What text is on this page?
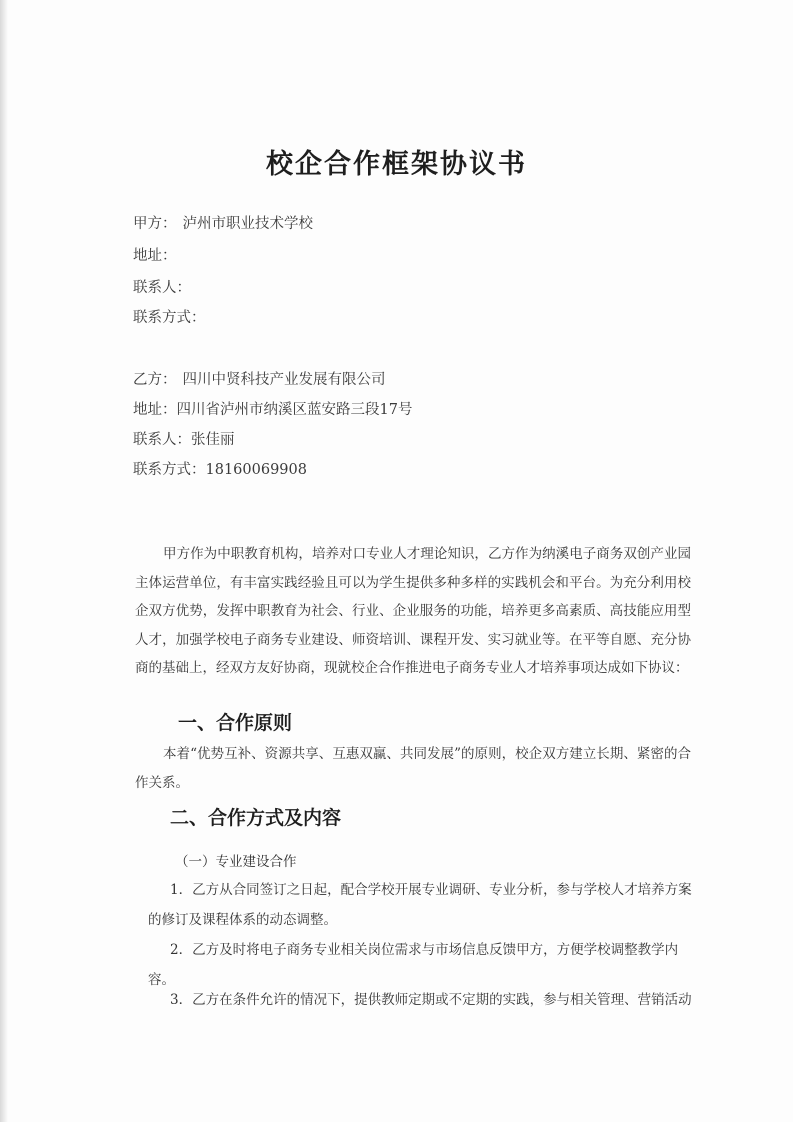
校企合作框架协议书
甲方： 泸州市职业技术学校
地址：
联系人：
联系方式：
乙方： 四川中贤科技产业发展有限公司
地址：四川省泸州市纳溪区蓝安路三段17号
联系人：张佳丽
联系方式：18160069908
甲方作为中职教育机构，培养对口专业人才理论知识，乙方作为纳溪电子商务双创产业园主体运营单位，有丰富实践经验且可以为学生提供多种多样的实践机会和平台。为充分利用校企双方优势，发挥中职教育为社会、行业、企业服务的功能，培养更多高素质、高技能应用型人才，加强学校电子商务专业建设、师资培训、课程开发、实习就业等。在平等自愿、充分协商的基础上，经双方友好协商，现就校企合作推进电子商务专业人才培养事项达成如下协议：
一、合作原则
本着“优势互补、资源共享、互惠双赢、共同发展”的原则，校企双方建立长期、紧密的合作关系。
二、合作方式及内容
（一）专业建设合作
1．乙方从合同签订之日起，配合学校开展专业调研、专业分析，参与学校人才培养方案的修订及课程体系的动态调整。
2．乙方及时将电子商务专业相关岗位需求与市场信息反馈甲方，方便学校调整教学内容。
3．乙方在条件允许的情况下，提供教师定期或不定期的实践，参与相关管理、营销活动
